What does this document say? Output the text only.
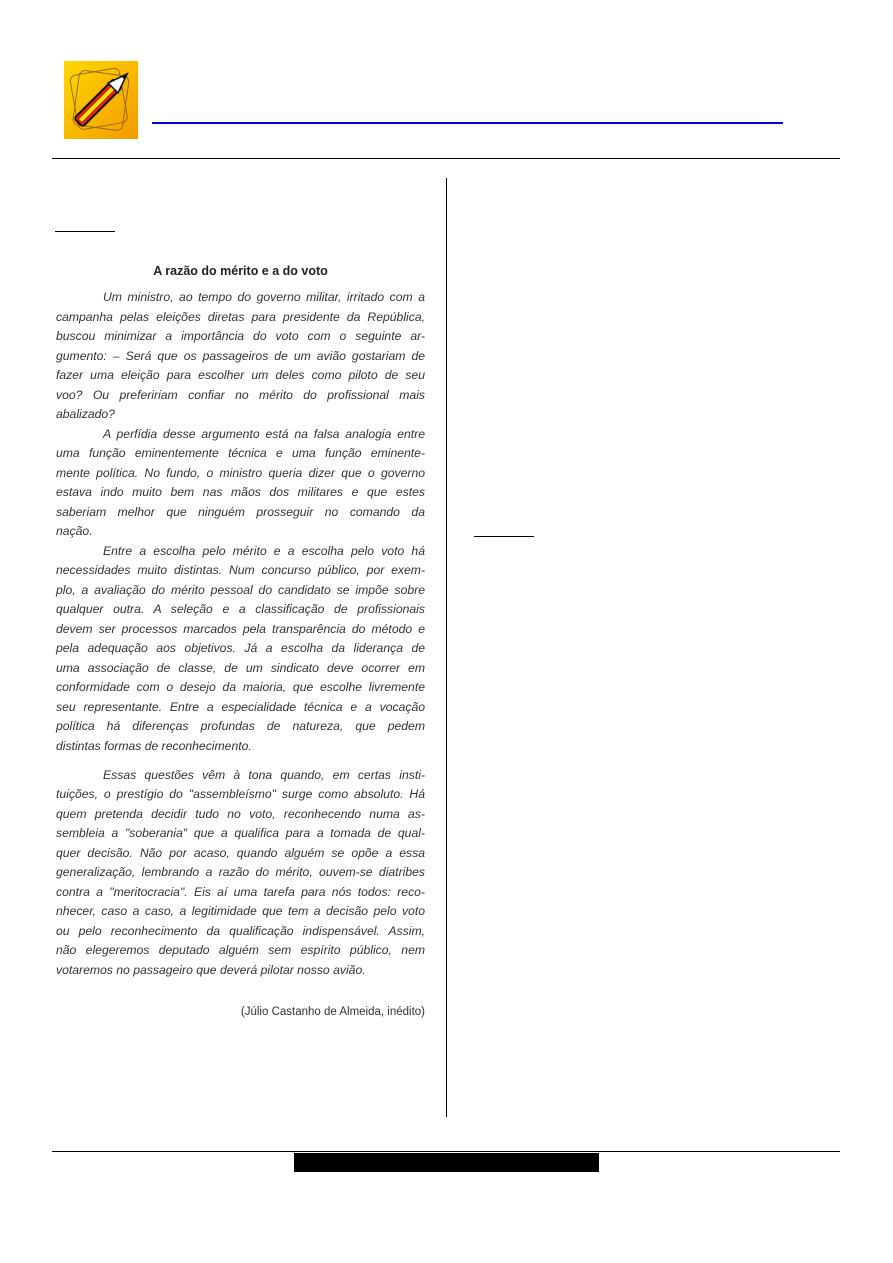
A razão do mérito e a do voto
Um ministro, ao tempo do governo militar, irritado com a
campanha pelas eleições diretas para presidente da República,
buscou minimizar a importância do voto com o seguinte ar-
gumento: – Será que os passageiros de um avião gostariam de
fazer uma eleição para escolher um deles como piloto de seu
voo? Ou prefeririam confiar no mérito do profissional mais
abalizado?
A perfídia desse argumento está na falsa analogia entre
uma função eminentemente técnica e uma função eminente-
mente política. No fundo, o ministro queria dizer que o governo
estava indo muito bem nas mãos dos militares e que estes
saberiam melhor que ninguém prosseguir no comando da
nação.
Entre a escolha pelo mérito e a escolha pelo voto há
necessidades muito distintas. Num concurso público, por exem-
plo, a avaliação do mérito pessoal do candidato se impõe sobre
qualquer outra. A seleção e a classificação de profissionais
devem ser processos marcados pela transparência do método e
pela adequação aos objetivos. Já a escolha da liderança de
uma associação de classe, de um sindicato deve ocorrer em
conformidade com o desejo da maioria, que escolhe livremente
seu representante. Entre a especialidade técnica e a vocação
política há diferenças profundas de natureza, que pedem
distintas formas de reconhecimento.
Essas questões vêm à tona quando, em certas insti-
tuições, o prestígio do "assembleísmo" surge como absoluto. Há
quem pretenda decidir tudo no voto, reconhecendo numa as-
sembleia a "soberania" que a qualifica para a tomada de qual-
quer decisão. Não por acaso, quando alguém se opõe a essa
generalização, lembrando a razão do mérito, ouvem-se diatribes
contra a "meritocracia". Eis aí uma tarefa para nós todos: reco-
nhecer, caso a caso, a legitimidade que tem a decisão pelo voto
ou pelo reconhecimento da qualificação indispensável. Assim,
não elegeremos deputado alguém sem espírito público, nem
votaremos no passageiro que deverá pilotar nosso avião.
(Júlio Castanho de Almeida, inédito)
